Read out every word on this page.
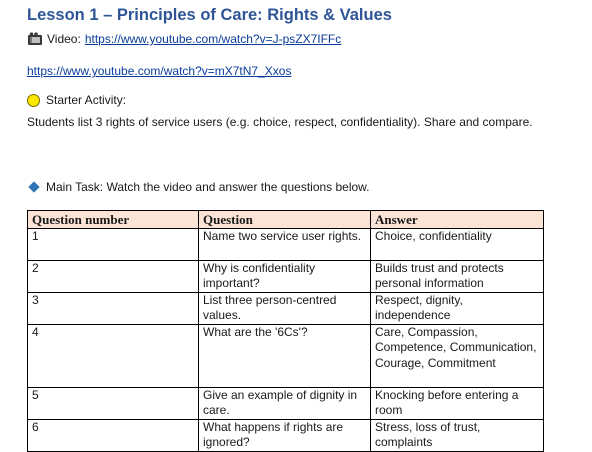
Lesson 1 – Principles of Care: Rights & Values
Video: https://www.youtube.com/watch?v=J-psZX7IFFc
https://www.youtube.com/watch?v=mX7tN7_Xxos
Starter Activity:
Students list 3 rights of service users (e.g. choice, respect, confidentiality). Share and compare.
Main Task: Watch the video and answer the questions below.
Question number	Question	Answer
1	Name two service user rights.	Choice, confidentiality
2	Why is confidentiality important?	Builds trust and protects personal information
3	List three person-centred values.	Respect, dignity, independence
4	What are the '6Cs'?	Care, Compassion, Competence, Communication, Courage, Commitment
5	Give an example of dignity in care.	Knocking before entering a room
6	What happens if rights are ignored?	Stress, loss of trust, complaints
